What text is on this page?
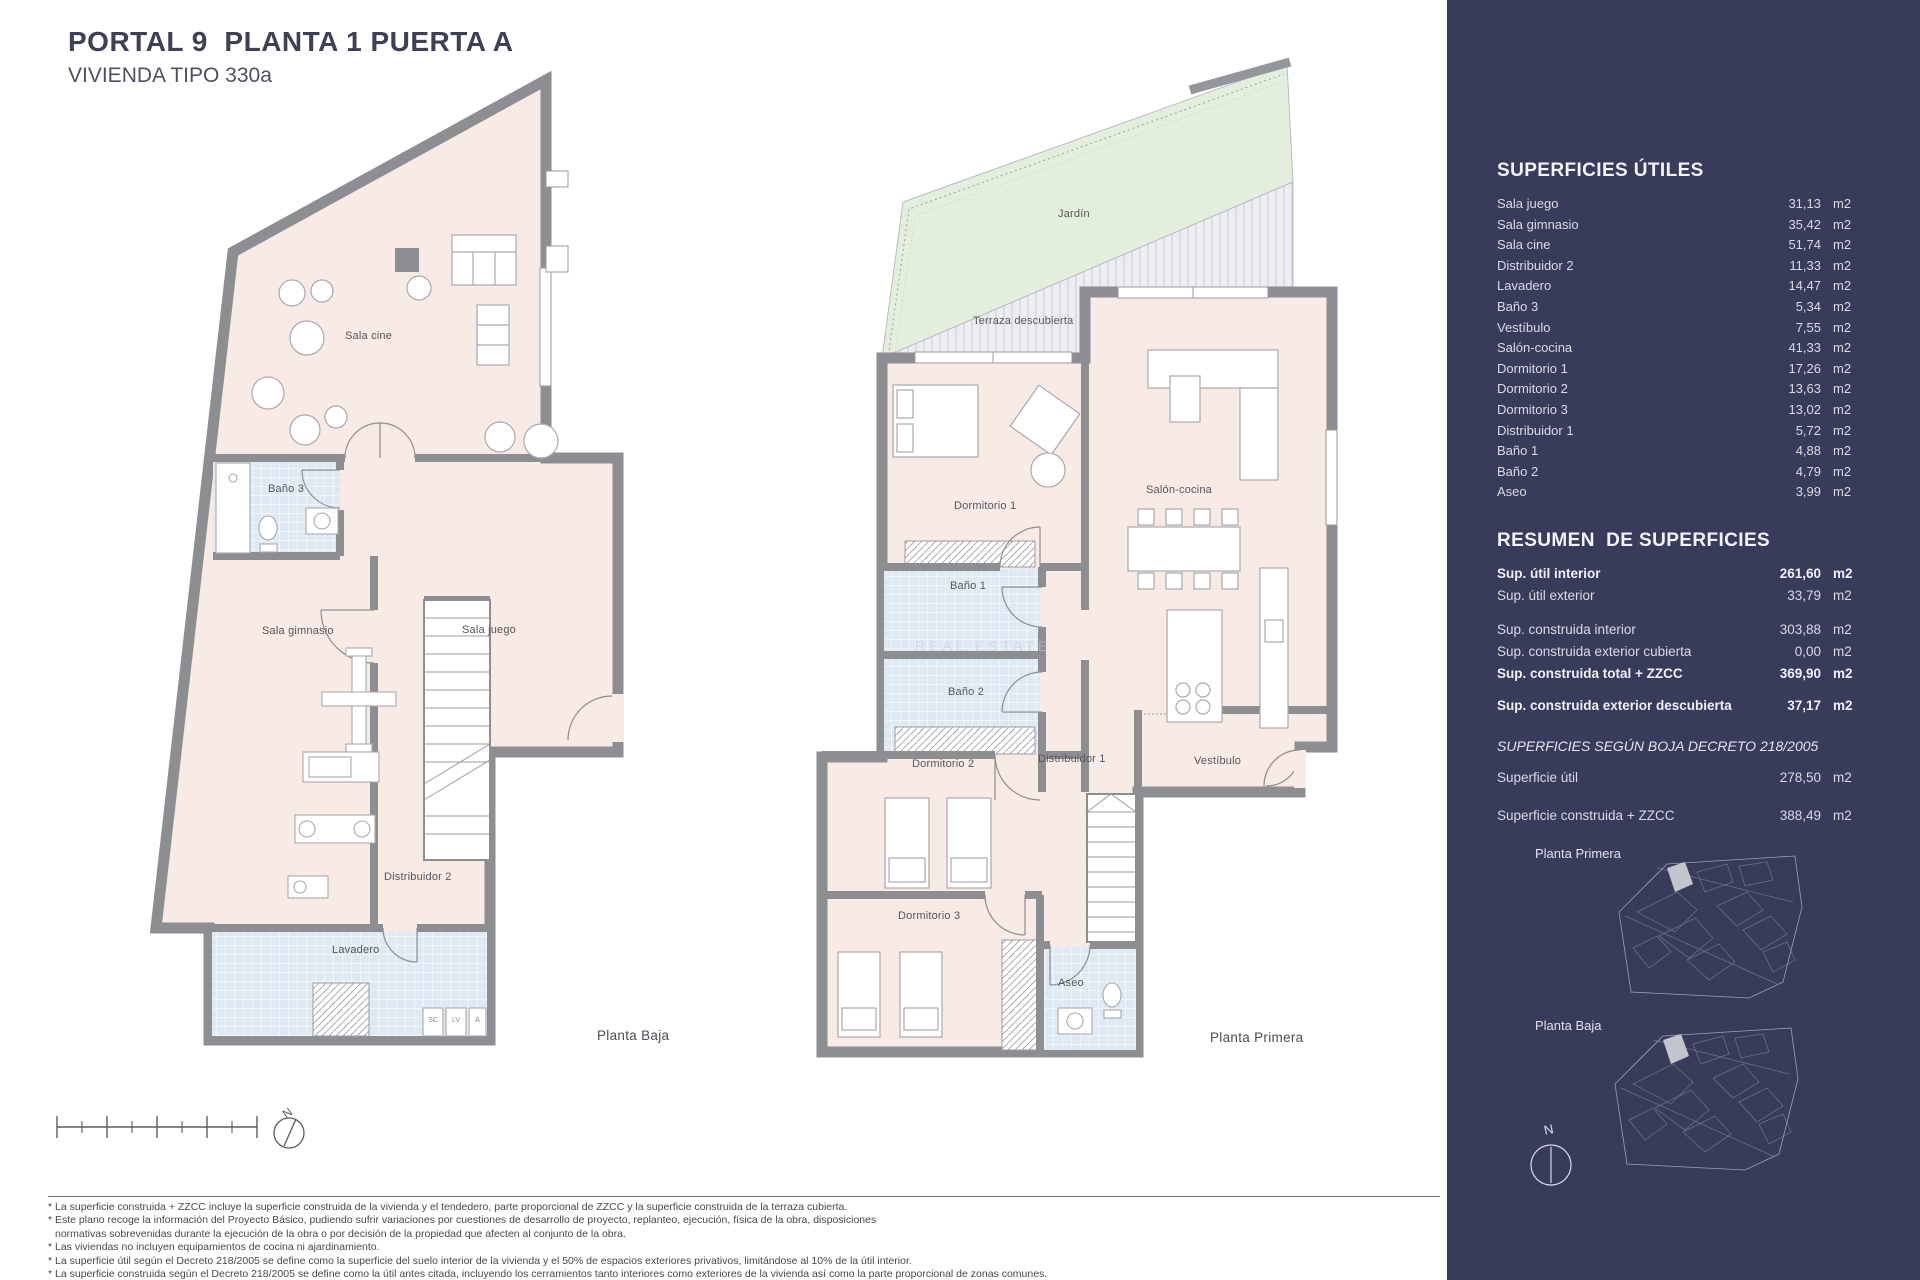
PORTAL 9  PLANTA 1 PUERTA A
VIVIENDA TIPO 330a
Sala cine
Baño 3
Sala gimnasio	Sala juego
Distribuidor 2
Lavadero
SC	LV	A
Planta Baja
Jardín
Terraza descubierta
Dormitorio 1
Salón-cocina
Baño 1
Baño 2
Dormitorio 2	Distribuidor 1	Vestíbulo
Dormitorio 3
Aseo
Planta Primera
REAL ESTATE
N
SUPERFICIES ÚTILES
Sala juego	31,13 m2
Sala gimnasio	35,42 m2
Sala cine	51,74 m2
Distribuidor 2	11,33 m2
Lavadero	14,47 m2
Baño 3	5,34 m2
Vestíbulo	7,55 m2
Salón-cocina	41,33 m2
Dormitorio 1	17,26 m2
Dormitorio 2	13,63 m2
Dormitorio 3	13,02 m2
Distribuidor 1	5,72 m2
Baño 1	4,88 m2
Baño 2	4,79 m2
Aseo	3,99 m2
RESUMEN  DE SUPERFICIES
Sup. útil interior	261,60 m2
Sup. útil exterior	33,79 m2
Sup. construida interior	303,88 m2
Sup. construida exterior cubierta	0,00 m2
Sup. construida total + ZZCC	369,90 m2
Sup. construida exterior descubierta	37,17 m2
SUPERFICIES SEGÚN BOJA DECRETO 218/2005
Superficie útil	278,50 m2
Superficie construida + ZZCC	388,49 m2
Planta Primera
Planta Baja
N
* La superficie construida + ZZCC incluye la superficie construida de la vivienda y el tendedero, parte proporcional de ZZCC y la superficie construida de la terraza cubierta.
* Este plano recoge la información del Proyecto Básico, pudiendo sufrir variaciones por cuestiones de desarrollo de proyecto, replanteo, ejecución, física de la obra, disposiciones
normativas sobrevenidas durante la ejecución de la obra o por decisión de la propiedad que afecten al conjunto de la obra.
* Las viviendas no incluyen equipamientos de cocina ni ajardinamiento.
* La superficie útil según el Decreto 218/2005 se define como la superficie del suelo interior de la vivienda y el 50% de espacios exteriores privativos, limitándose al 10% de la útil interior.
* La superficie construida según el Decreto 218/2005 se define como la útil antes citada, incluyendo los cerramientos tanto interiores como exteriores de la vivienda así como la parte proporcional de zonas comunes.
